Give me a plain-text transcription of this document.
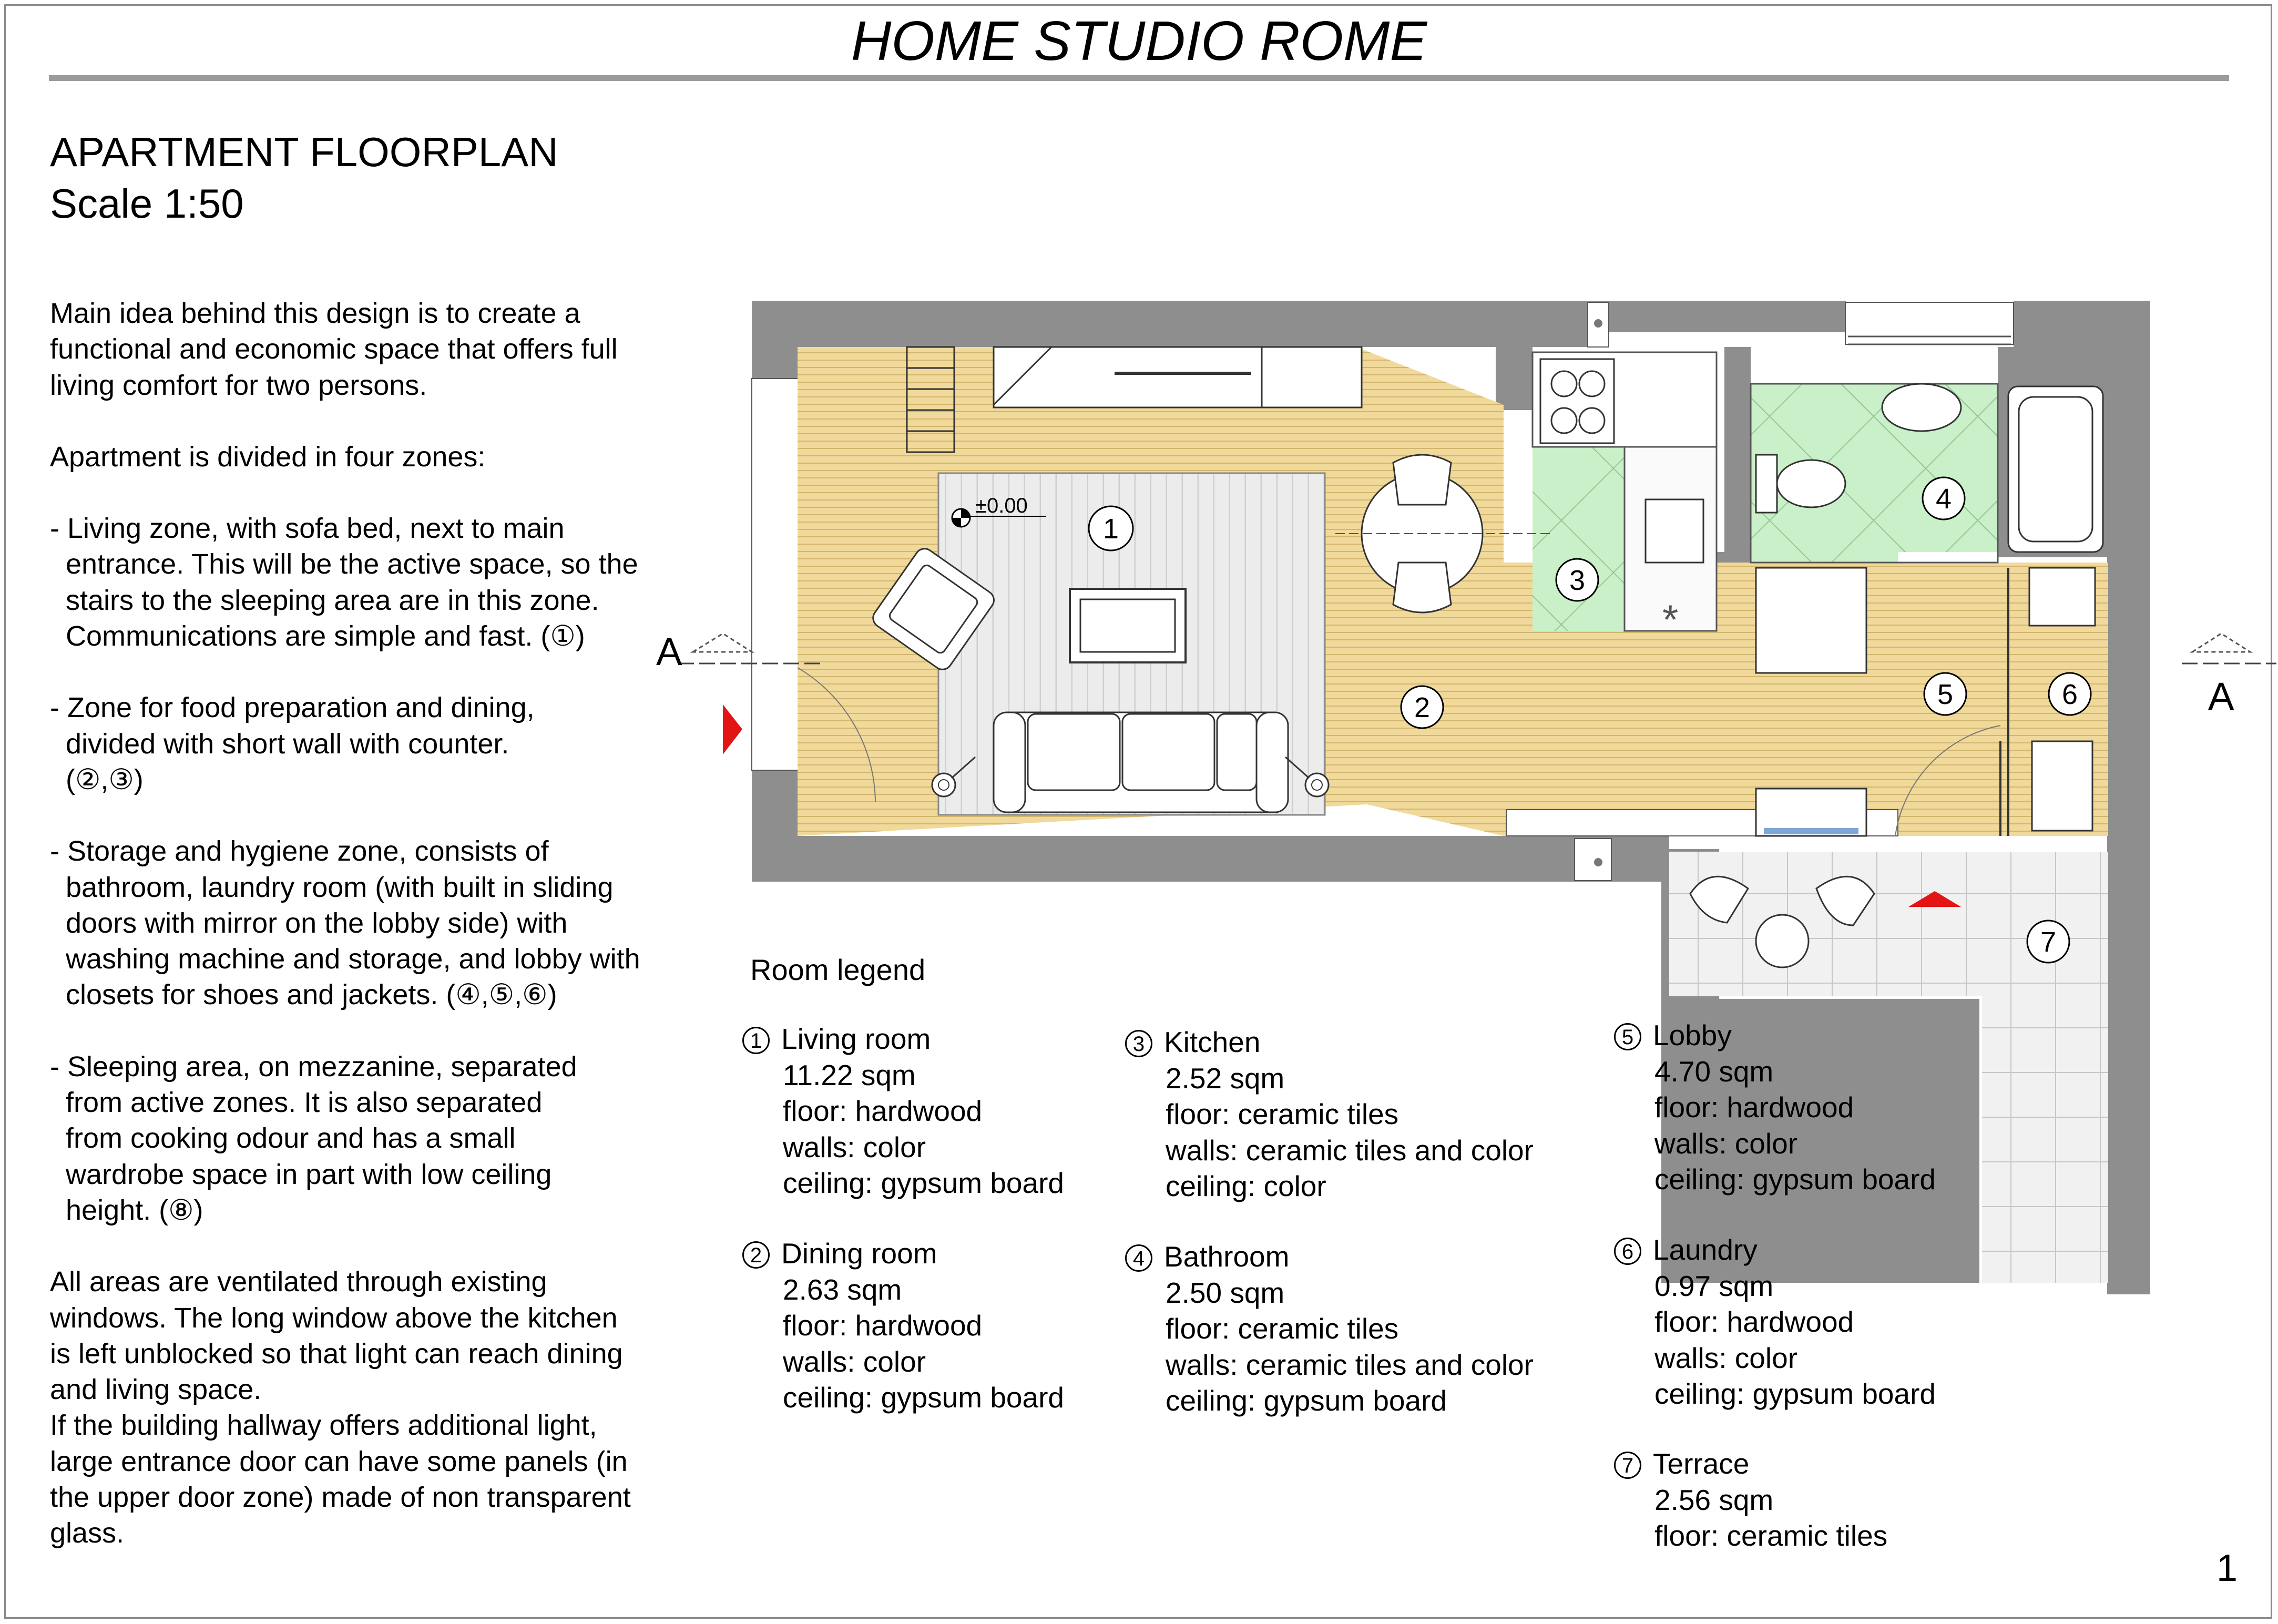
HOME STUDIO ROME
APARTMENT FLOORPLAN
Scale 1:50
Main idea behind this design is to create a
functional and economic space that offers full
living comfort for two persons.
Apartment is divided in four zones:
- Living zone, with sofa bed, next to main
entrance. This will be the active space, so the
stairs to the sleeping area are in this zone.
Communications are simple and fast. (①)
- Zone for food preparation and dining,
divided with short wall with counter.
(②,③)
- Storage and hygiene zone, consists of
bathroom, laundry room (with built in sliding
doors with mirror on the lobby side) with
washing machine and storage, and lobby with
closets for shoes and jackets. (④,⑤,⑥)
- Sleeping area, on mezzanine, separated
from active zones. It is also separated
from cooking odour and has a small
wardrobe space in part with low ceiling
height. (⑧)
All areas are ventilated through existing
windows. The long window above the kitchen
is left unblocked so that light can reach dining
and living space.
If the building hallway offers additional light,
large entrance door can have some panels (in
the upper door zone) made of non transparent
glass.
*
±0.00
A
A
1
2
3
4
5	6
7
Room legend
1 Living room
11.22 sqm
floor: hardwood
walls: color
ceiling: gypsum board
2 Dining room
2.63 sqm
floor: hardwood
walls: color
ceiling: gypsum board
3 Kitchen
2.52 sqm
floor: ceramic tiles
walls: ceramic tiles and color
ceiling: color
4 Bathroom
2.50 sqm
floor: ceramic tiles
walls: ceramic tiles and color
ceiling: gypsum board
5 Lobby
4.70 sqm
floor: hardwood
walls: color
ceiling: gypsum board
6 Laundry
0.97 sqm
floor: hardwood
walls: color
ceiling: gypsum board
7 Terrace
2.56 sqm
floor: ceramic tiles
1
